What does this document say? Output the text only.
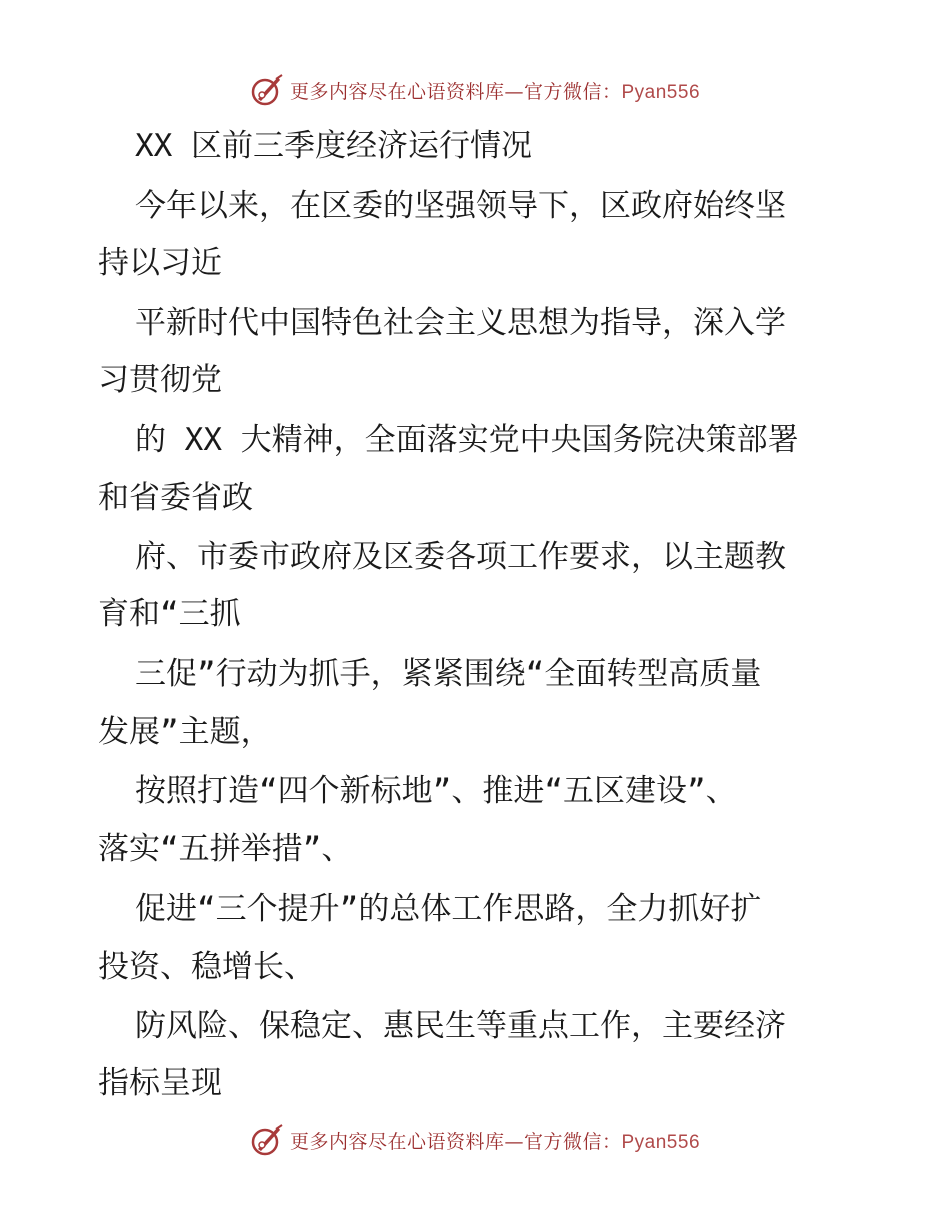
更多内容尽在心语资料库—官方微信：Pyan556
XX 区前三季度经济运行情况
今年以来，在区委的坚强领导下，区政府始终坚
持以习近
平新时代中国特色社会主义思想为指导，深入学
习贯彻党
的 XX 大精神，全面落实党中央国务院决策部署
和省委省政
府、市委市政府及区委各项工作要求，以主题教
育和“三抓
三促”行动为抓手，紧紧围绕“全面转型高质量
发展”主题，
按照打造“四个新标地”、推进“五区建设”、
落实“五拼举措”、
促进“三个提升”的总体工作思路，全力抓好扩
投资、稳增长、
防风险、保稳定、惠民生等重点工作，主要经济
指标呈现
更多内容尽在心语资料库—官方微信：Pyan556
